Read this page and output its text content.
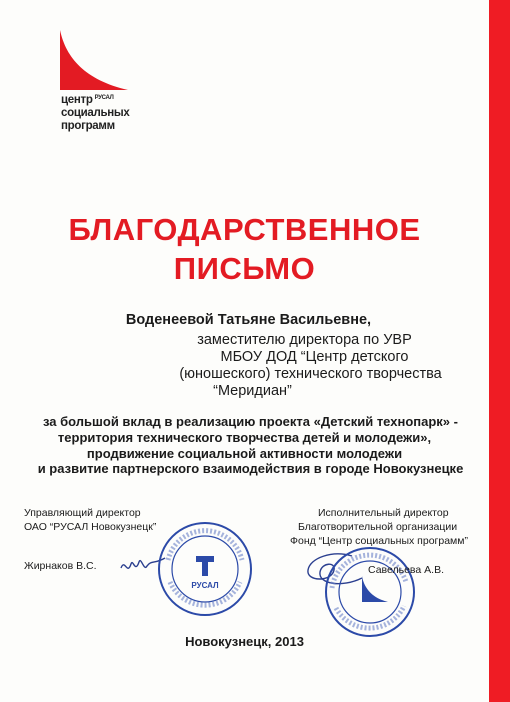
центр $^{РУСАЛ}$
социальных
программ
БЛАГОДАРСТВЕННОЕ
ПИСЬМО
Воденеевой Татьяне Васильевне,
заместителю директора по УВР
МБОУ ДОД “Центр детского
(юношеского) технического творчества
“Меридиан”
за большой вклад в реализацию проекта «Детский технопарк» -
территория технического творчества детей и молодежи»,
продвижение социальной активности молодежи
и развитие партнерского взаимодействия в городе Новокузнецке
Управляющий директор
ОАО “РУСАЛ Новокузнецк”
Жирнаков В.С.
РУСАЛ
Исполнительный директор
Благотворительной организации
Фонд “Центр социальных программ”
Савельева А.В.
Новокузнецк, 2013
